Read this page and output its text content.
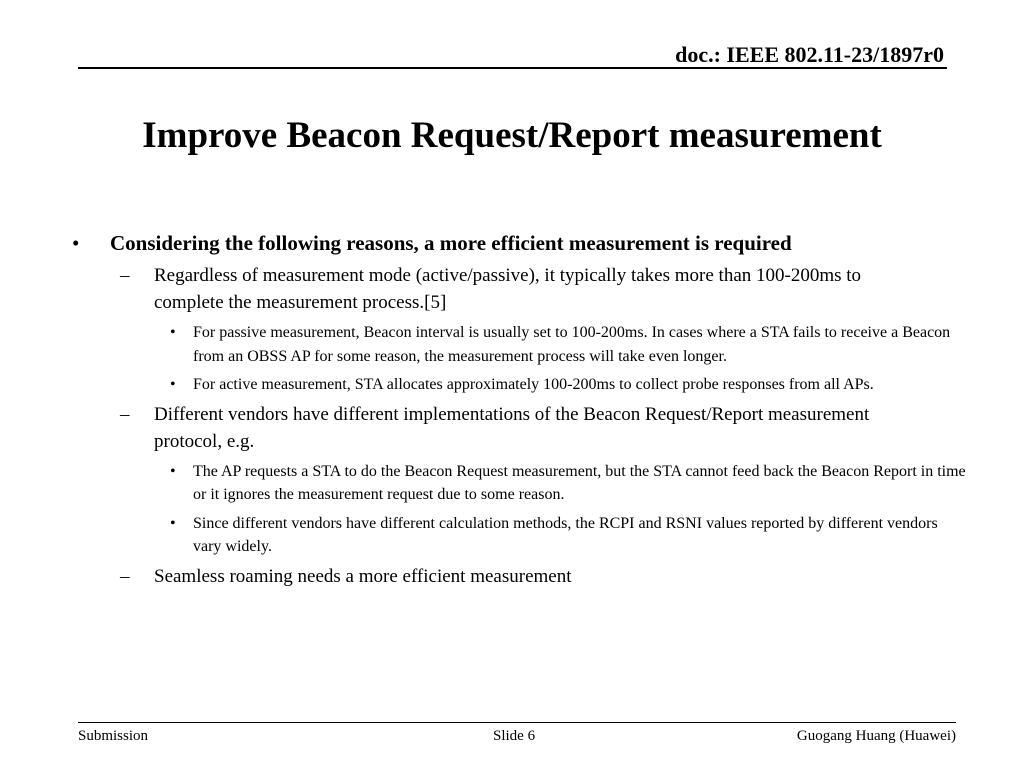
doc.: IEEE 802.11-23/1897r0
Improve Beacon Request/Report measurement
• Considering the following reasons, a more efficient measurement is required
– Regardless of measurement mode (active/passive), it typically takes more than 100-200ms to complete the measurement process.[5]
• For passive measurement, Beacon interval is usually set to 100-200ms. In cases where a STA fails to receive a Beacon from an OBSS AP for some reason, the measurement process will take even longer.
• For active measurement, STA allocates approximately 100-200ms to collect probe responses from all APs.
– Different vendors have different implementations of the Beacon Request/Report measurement protocol, e.g.
• The AP requests a STA to do the Beacon Request measurement, but the STA cannot feed back the Beacon Report in time or it ignores the measurement request due to some reason.
• Since different vendors have different calculation methods, the RCPI and RSNI values reported by different vendors vary widely.
– Seamless roaming needs a more efficient measurement
Submission	Slide 6	Guogang Huang (Huawei)
